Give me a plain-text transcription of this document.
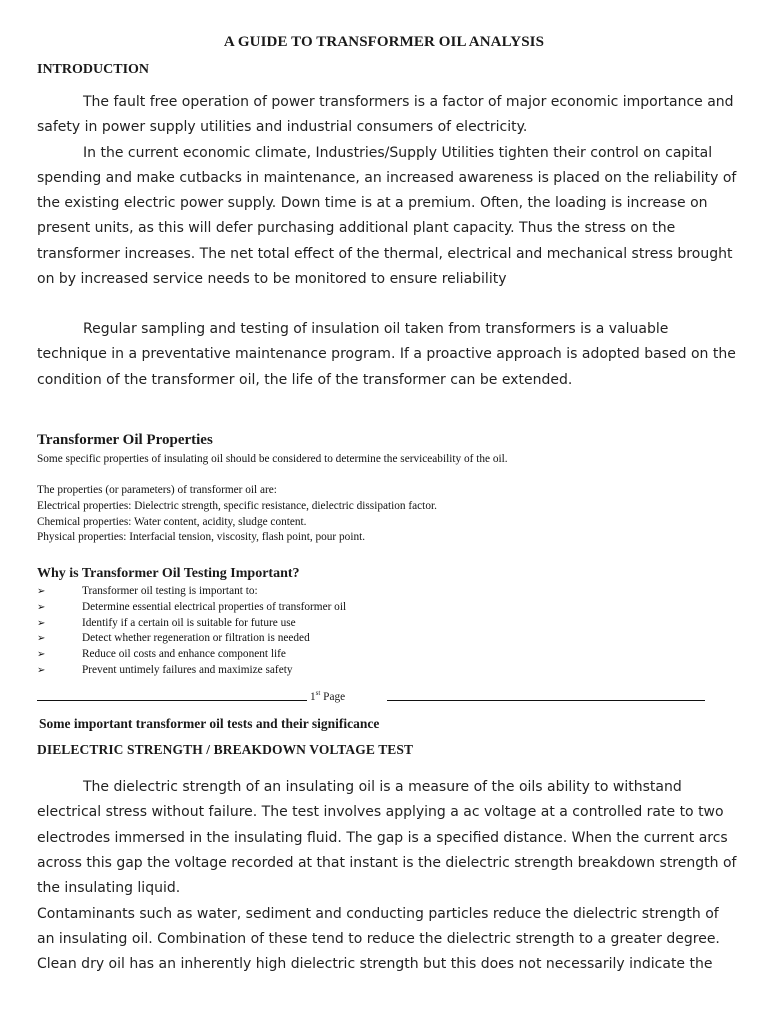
A GUIDE TO TRANSFORMER OIL ANALYSIS
INTRODUCTION

The fault free operation of power transformers is a factor of major economic importance and safety in power supply utilities and industrial consumers of electricity.

In the current economic climate, Industries/Supply Utilities tighten their control on capital spending and make cutbacks in maintenance, an increased awareness is placed on the reliability of the existing electric power supply. Down time is at a premium. Often, the loading is increase on present units, as this will defer purchasing additional plant capacity. Thus the stress on the transformer increases. The net total effect of the thermal, electrical and mechanical stress brought on by increased service needs to be monitored to ensure reliability

Regular sampling and testing of insulation oil taken from transformers is a valuable technique in a preventative maintenance program. If a proactive approach is adopted based on the condition of the transformer oil, the life of the transformer can be extended.

Transformer Oil Properties

Some specific properties of insulating oil should be considered to determine the serviceability of the oil.

The properties (or parameters) of transformer oil are:

Electrical properties: Dielectric strength, specific resistance, dielectric dissipation factor.

Chemical properties: Water content, acidity, sludge content.

Physical properties: Interfacial tension, viscosity, flash point, pour point.

Why is Transformer Oil Testing Important?
➢	Transformer oil testing is important to:
➢	Determine essential electrical properties of transformer oil
➢	Identify if a certain oil is suitable for future use
➢	Detect whether regeneration or filtration is needed
➢	Reduce oil costs and enhance component life
➢	Prevent untimely failures and maximize safety
1st Page
Some important transformer oil tests and their significance
DIELECTRIC STRENGTH / BREAKDOWN VOLTAGE TEST

The dielectric strength of an insulating oil is a measure of the oils ability to withstand electrical stress without failure. The test involves applying a ac voltage at a controlled rate to two electrodes immersed in the insulating fluid. The gap is a specified distance. When the current arcs across this gap the voltage recorded at that instant is the dielectric strength breakdown strength of the insulating liquid.

Contaminants such as water, sediment and conducting particles reduce the dielectric strength of an insulating oil. Combination of these tend to reduce the dielectric strength to a greater degree. Clean dry oil has an inherently high dielectric strength but this does not necessarily indicate the
